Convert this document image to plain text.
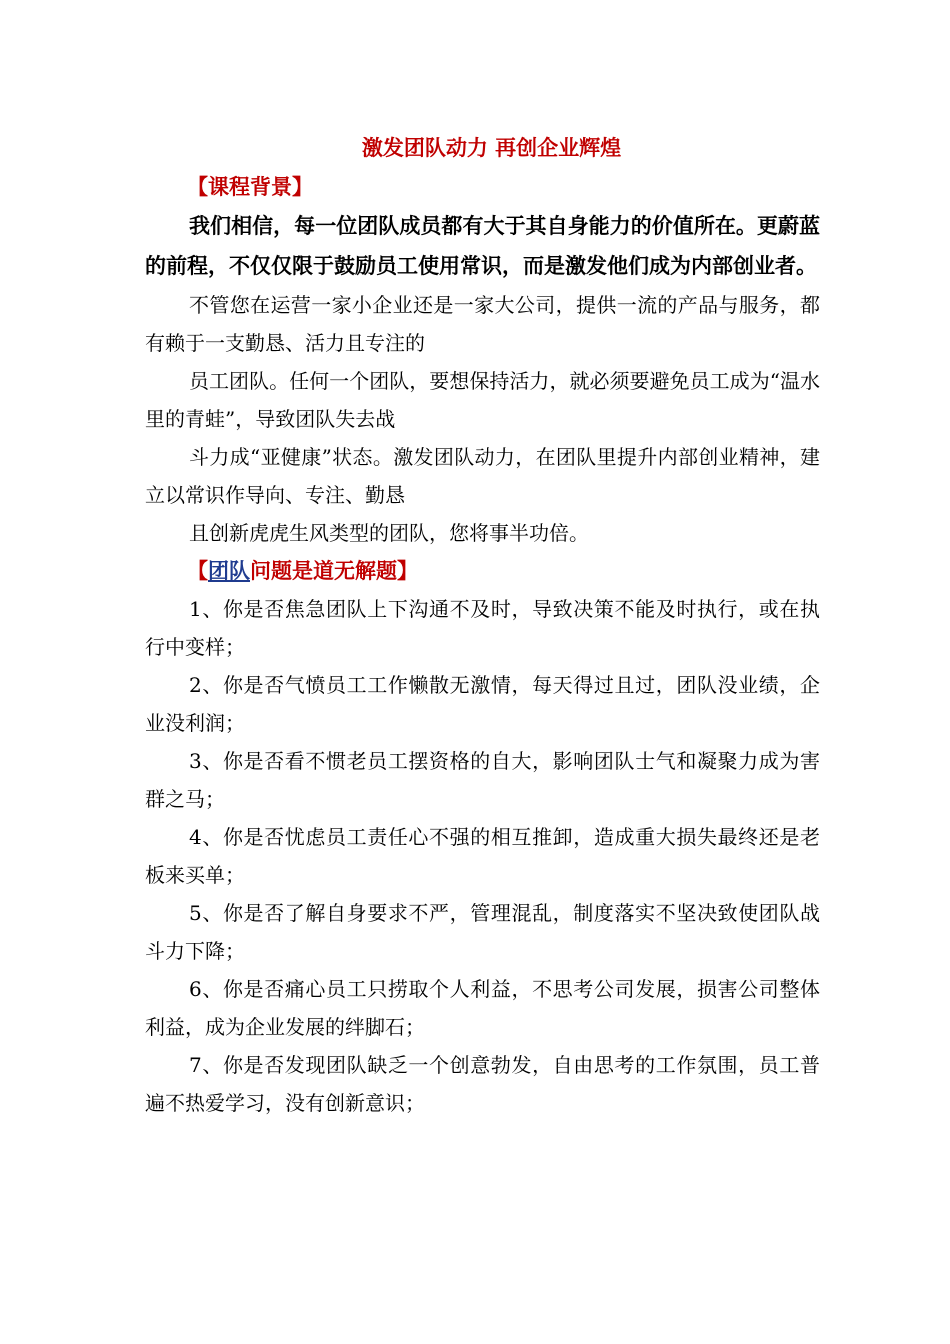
激发团队动力 再创企业辉煌
【课程背景】

我们相信，每一位团队成员都有大于其自身能力的价值所在。更蔚蓝的前程，不仅仅限于鼓励员工使用常识，而是激发他们成为内部创业者。

不管您在运营一家小企业还是一家大公司，提供一流的产品与服务，都有赖于一支勤恳、活力且专注的

员工团队。任何一个团队，要想保持活力，就必须要避免员工成为“温水里的青蛙”，导致团队失去战

斗力成“亚健康”状态。激发团队动力，在团队里提升内部创业精神，建立以常识作导向、专注、勤恳

且创新虎虎生风类型的团队，您将事半功倍。

【团队问题是道无解题】

1、你是否焦急团队上下沟通不及时，导致决策不能及时执行，或在执行中变样；

2、你是否气愤员工工作懒散无激情，每天得过且过，团队没业绩，企业没利润；

3、你是否看不惯老员工摆资格的自大，影响团队士气和凝聚力成为害群之马；

4、你是否忧虑员工责任心不强的相互推卸，造成重大损失最终还是老板来买单；

5、你是否了解自身要求不严，管理混乱，制度落实不坚决致使团队战斗力下降；

6、你是否痛心员工只捞取个人利益，不思考公司发展，损害公司整体利益，成为企业发展的绊脚石；

7、你是否发现团队缺乏一个创意勃发，自由思考的工作氛围，员工普遍不热爱学习，没有创新意识；
